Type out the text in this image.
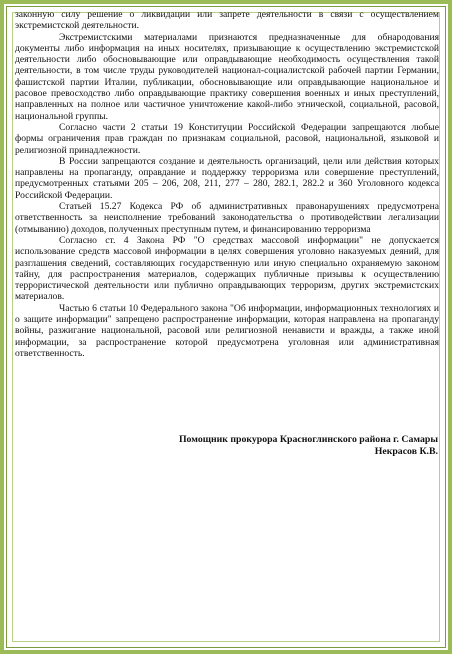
законную силу решение о ликвидации или запрете деятельности в связи с осуществлением экстремистской деятельности.

Экстремистскими материалами признаются предназначенные для обнародования документы либо информация на иных носителях, призывающие к осуществлению экстремистской деятельности либо обосновывающие или оправдывающие необходимость осуществления такой деятельности, в том числе труды руководителей национал-социалистской рабочей партии Германии, фашистской партии Италии, публикации, обосновывающие или оправдывающие национальное и расовое превосходство либо оправдывающие практику совершения военных и иных преступлений, направленных на полное или частичное уничтожение какой-либо этнической, социальной, расовой, национальной группы.

Согласно части 2 статьи 19 Конституции Российской Федерации запрещаются любые формы ограничения прав граждан по признакам социальной, расовой, национальной, языковой и религиозной принадлежности.

В России запрещаются создание и деятельность организаций, цели или действия которых направлены на пропаганду, оправдание и поддержку терроризма или совершение преступлений, предусмотренных статьями 205 – 206, 208, 211, 277 – 280, 282.1, 282.2 и 360 Уголовного кодекса Российской Федерации.

Статьей 15.27 Кодекса РФ об административных правонарушениях предусмотрена ответственность за неисполнение требований законодательства о противодействии легализации (отмыванию) доходов, полученных преступным путем, и финансированию терроризма

Согласно ст. 4 Закона РФ "О средствах массовой информации" не допускается использование средств массовой информации в целях совершения уголовно наказуемых деяний, для разглашения сведений, составляющих государственную или иную специально охраняемую законом тайну, для распространения материалов, содержащих публичные призывы к осуществлению террористической деятельности или публично оправдывающих терроризм, других экстремистских материалов.

Частью 6 статьи 10 Федерального закона "Об информации, информационных технологиях и о защите информации" запрещено распространение информации, которая направлена на пропаганду войны, разжигание национальной, расовой или религиозной ненависти и вражды, а также иной информации, за распространение которой предусмотрена уголовная или административная ответственность.

Помощник прокурора Красноглинского района г. Самары
Некрасов К.В.
